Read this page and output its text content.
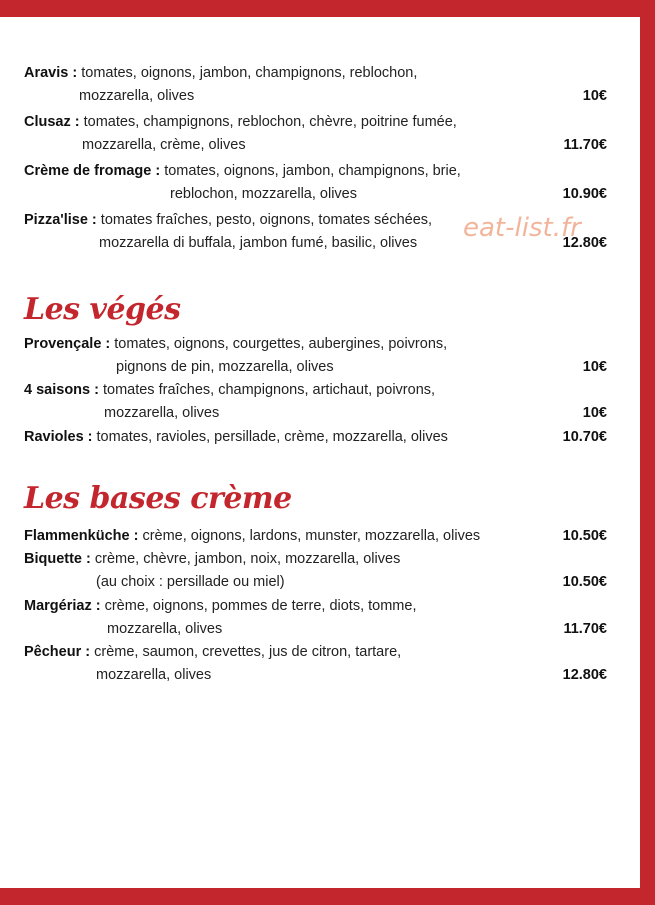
Aravis : tomates, oignons, jambon, champignons, reblochon,
mozzarella, olives	10€
Clusaz : tomates, champignons, reblochon, chèvre, poitrine fumée,
mozzarella, crème, olives	11.70€
Crème de fromage : tomates, oignons, jambon, champignons, brie,
reblochon, mozzarella, olives	10.90€
Pizza'lise : tomates fraîches, pesto, oignons, tomates séchées,
mozzarella di buffala, jambon fumé, basilic, olives	12.80€
eat-list.fr
Les végés
Provençale : tomates, oignons, courgettes, aubergines, poivrons,
pignons de pin, mozzarella, olives	10€
4 saisons : tomates fraîches, champignons, artichaut, poivrons,
mozzarella, olives	10€
Ravioles : tomates, ravioles, persillade, crème, mozzarella, olives	10.70€
Les bases crème
Flammenküche : crème, oignons, lardons, munster, mozzarella, olives	10.50€
Biquette : crème, chèvre, jambon, noix, mozzarella, olives
(au choix : persillade ou miel)	10.50€
Margériaz : crème, oignons, pommes de terre, diots, tomme,
mozzarella, olives	11.70€
Pêcheur : crème, saumon, crevettes, jus de citron, tartare,
mozzarella, olives	12.80€
